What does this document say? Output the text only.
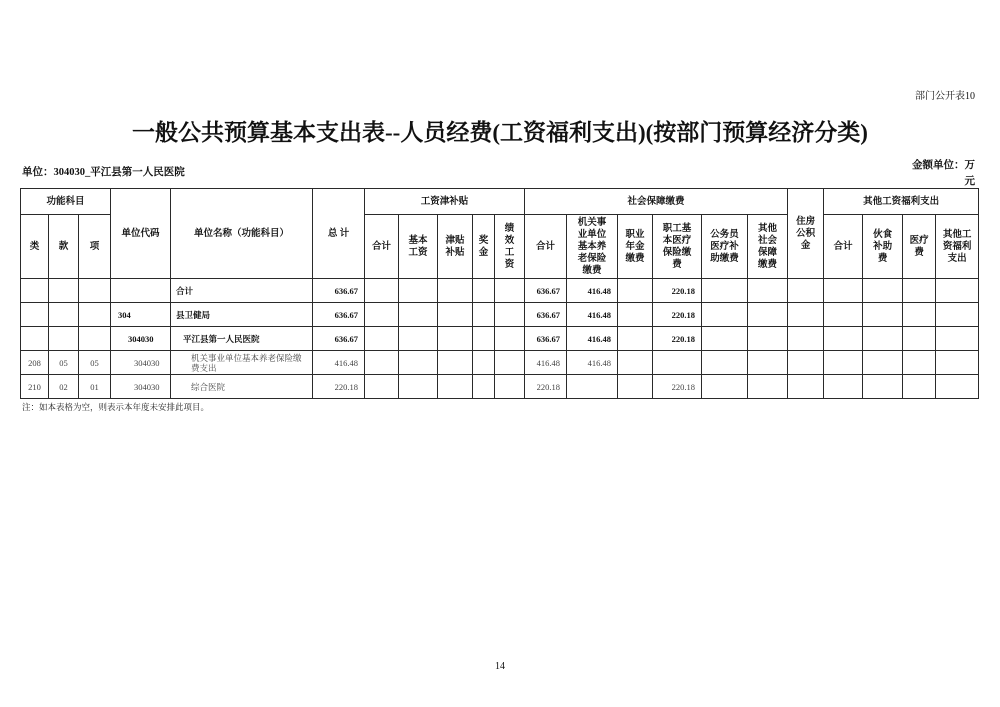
部门公开表10
一般公共预算基本支出表--人员经费(工资福利支出)(按部门预算经济分类)
单位：304030_平江县第一人民医院
金额单位：万元
功能科目			单位代码	单位名称（功能科目）	总 计	工资津补贴					社会保障缴费						住房公积金	其他工资福利支出			
类	款	项				合计	基本工资	津贴补贴	奖金	绩效工资	合计	机关事业单位基本养老保险缴费	职业年金缴费	职工基本医疗保险缴费	公务员医疗补助缴费	其他社会保障缴费		合计	伙食补助费	医疗费	其他工资福利支出
				合计	636.67						636.67	416.48		220.18							
			304	县卫健局	636.67						636.67	416.48		220.18							
			304030	平江县第一人民医院	636.67						636.67	416.48		220.18							
208	05	05	304030	机关事业单位基本养老保险缴费支出	416.48						416.48	416.48									
210	02	01	304030	综合医院	220.18						220.18			220.18							
注：如本表格为空，则表示本年度未安排此项目。
14
